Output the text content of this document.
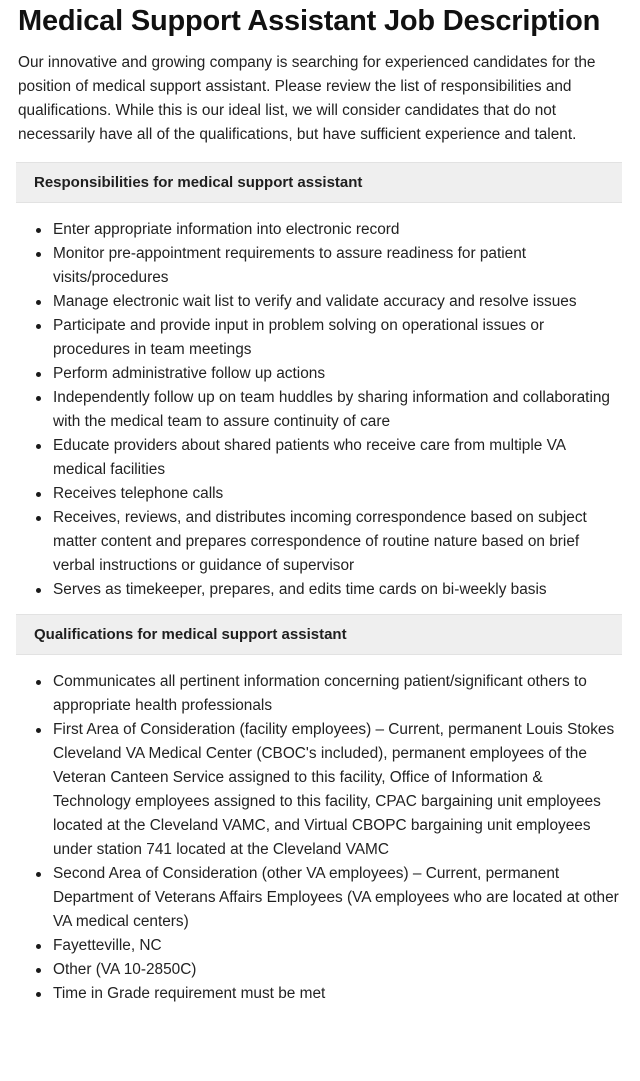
Medical Support Assistant Job Description

Our innovative and growing company is searching for experienced candidates for the position of medical support assistant. Please review the list of responsibilities and qualifications. While this is our ideal list, we will consider candidates that do not necessarily have all of the qualifications, but have sufficient experience and talent.

Responsibilities for medical support assistant
Enter appropriate information into electronic record
Monitor pre-appointment requirements to assure readiness for patient visits/procedures
Manage electronic wait list to verify and validate accuracy and resolve issues
Participate and provide input in problem solving on operational issues or procedures in team meetings
Perform administrative follow up actions
Independently follow up on team huddles by sharing information and collaborating with the medical team to assure continuity of care
Educate providers about shared patients who receive care from multiple VA medical facilities
Receives telephone calls
Receives, reviews, and distributes incoming correspondence based on subject matter content and prepares correspondence of routine nature based on brief verbal instructions or guidance of supervisor
Serves as timekeeper, prepares, and edits time cards on bi-weekly basis
Qualifications for medical support assistant
Communicates all pertinent information concerning patient/significant others to appropriate health professionals
First Area of Consideration (facility employees) – Current, permanent Louis Stokes Cleveland VA Medical Center (CBOC's included), permanent employees of the Veteran Canteen Service assigned to this facility, Office of Information & Technology employees assigned to this facility, CPAC bargaining unit employees located at the Cleveland VAMC, and Virtual CBOPC bargaining unit employees under station 741 located at the Cleveland VAMC
Second Area of Consideration (other VA employees) – Current, permanent Department of Veterans Affairs Employees (VA employees who are located at other VA medical centers)
Fayetteville, NC
Other (VA 10-2850C)
Time in Grade requirement must be met
